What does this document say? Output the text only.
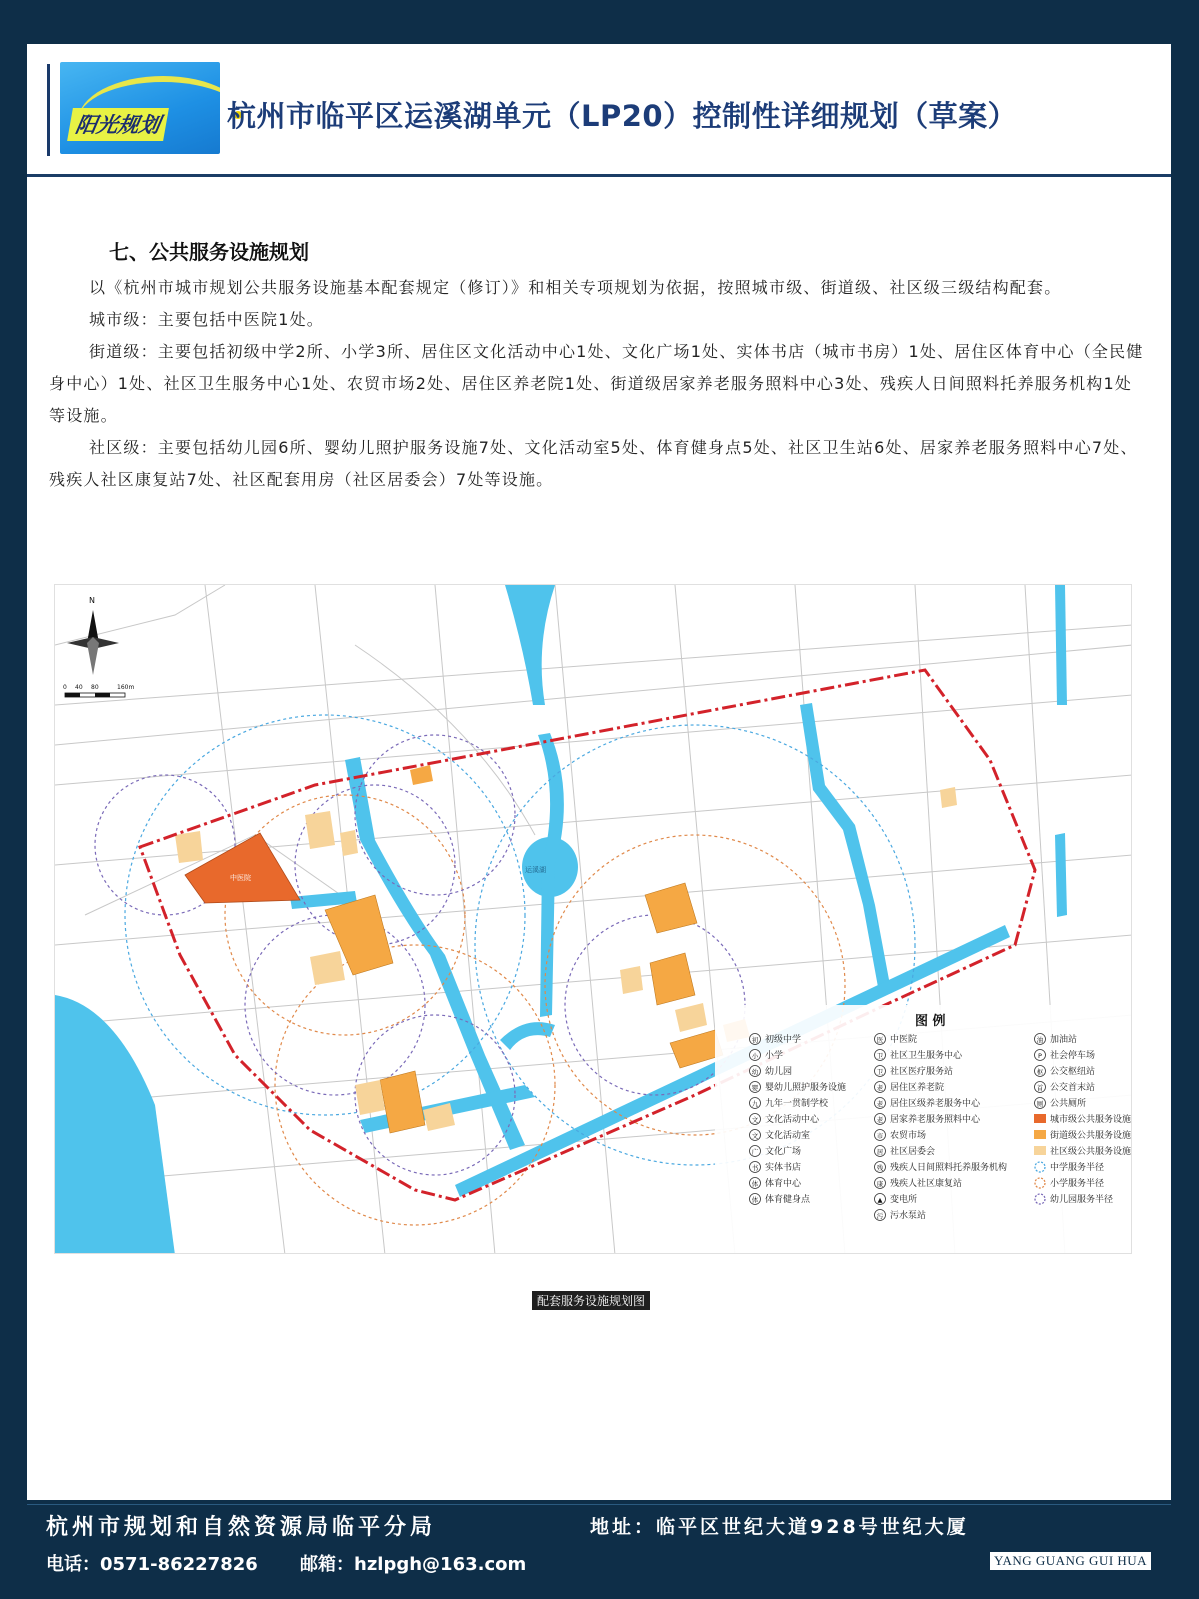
阳光规划 杭州市临平区运溪湖单元（LP20）控制性详细规划（草案）
七、公共服务设施规划

以《杭州市城市规划公共服务设施基本配套规定（修订）》和相关专项规划为依据，按照城市级、街道级、社区级三级结构配套。

城市级：主要包括中医院1处。

街道级：主要包括初级中学2所、小学3所、居住区文化活动中心1处、文化广场1处、实体书店（城市书房）1处、居住区体育中心（全民健身中心）1处、社区卫生服务中心1处、农贸市场2处、居住区养老院1处、街道级居家养老服务照料中心3处、残疾人日间照料托养服务机构1处等设施。

社区级：主要包括幼儿园6所、婴幼儿照护服务设施7处、文化活动室5处、体育健身点5处、社区卫生站6处、居家养老服务照料中心7处、残疾人社区康复站7处、社区配套用房（社区居委会）7处等设施。

中医院
运溪湖
N
0 40 80	160m
图 例
初 初级中学
小 小学
幼 幼儿园
婴 婴幼儿照护服务设施
九 九年一贯制学校
文 文化活动中心
文 文化活动室
广 文化广场
书 实体书店
体 体育中心
体 体育健身点
医 中医院
卫 社区卫生服务中心
卫 社区医疗服务站
老 居住区养老院
老 居住区级养老服务中心
老 居家养老服务照料中心
市 农贸市场
居 社区居委会
残 残疾人日间照料托养服务机构
康 残疾人社区康复站
▲ 变电所
污 污水泵站
油 加油站
P 社会停车场
枢 公交枢纽站
首 公交首末站
厕 公共厕所
城市级公共服务设施
街道级公共服务设施
社区级公共服务设施
中学服务半径
小学服务半径
幼儿园服务半径
配套服务设施规划图
杭州市规划和自然资源局临平分局	地址：临平区世纪大道928号世纪大厦
电话：0571-86227826 邮箱：hzlpgh@163.com	YANG GUANG GUI HUA
